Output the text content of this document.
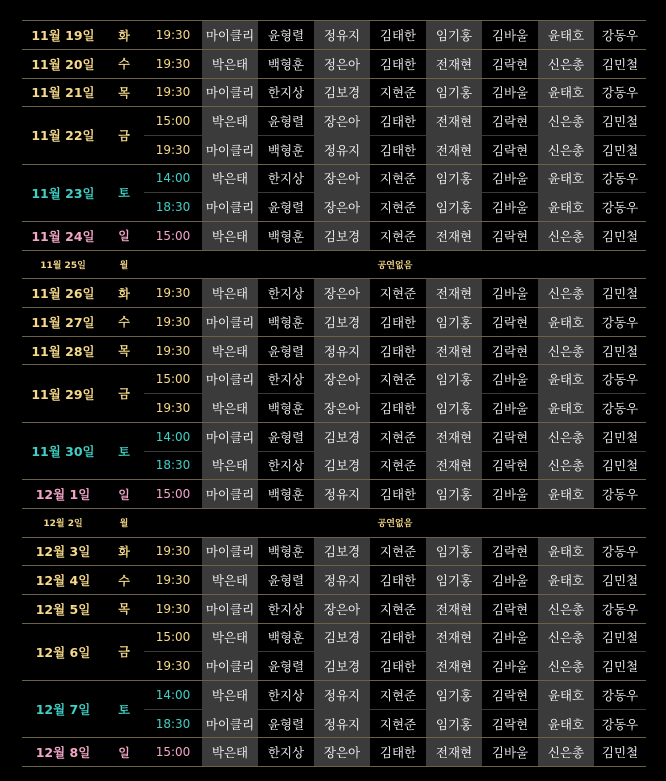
11월 19일	화	19:30	마이클리	윤형렬	정유지	김태한	임기홍	김바울	윤태호	강동우
11월 20일	수	19:30	박은태	백형훈	정은아	김태한	전재현	김락현	신은총	김민철
11월 21일	목	19:30	마이클리	한지상	김보경	지현준	임기홍	김바울	윤태호	강동우
11월 22일	금	15:00	박은태	윤형렬	장은아	김태한	전재현	김락현	신은총	김민철
		19:30	마이클리	백형훈	정유지	김태한	전재현	김락현	신은총	김민철
11월 23일	토	14:00	박은태	한지상	장은아	지현준	임기홍	김바울	윤태호	강동우
		18:30	마이클리	윤형렬	장은아	지현준	임기홍	김바울	윤태호	강동우
11월 24일	일	15:00	박은태	백형훈	김보경	지현준	전재현	김락현	신은총	김민철
11월 25일	월	공연없음								
11월 26일	화	19:30	박은태	한지상	장은아	지현준	전재현	김바울	신은총	김민철
11월 27일	수	19:30	마이클리	백형훈	김보경	김태한	임기홍	김락현	윤태호	강동우
11월 28일	목	19:30	박은태	윤형렬	정유지	김태한	전재현	김락현	신은총	김민철
11월 29일	금	15:00	마이클리	한지상	장은아	지현준	임기홍	김바울	윤태호	강동우
		19:30	박은태	백형훈	장은아	김태한	임기홍	김바울	윤태호	강동우
11월 30일	토	14:00	마이클리	윤형렬	김보경	지현준	전재현	김락현	신은총	김민철
		18:30	박은태	한지상	김보경	지현준	전재현	김락현	신은총	김민철
12월 1일	일	15:00	마이클리	백형훈	정유지	김태한	임기홍	김바울	윤태호	강동우
12월 2일	월	공연없음								
12월 3일	화	19:30	마이클리	백형훈	김보경	지현준	임기홍	김락현	윤태호	강동우
12월 4일	수	19:30	박은태	윤형렬	정유지	김태한	임기홍	김바울	윤태호	김민철
12월 5일	목	19:30	마이클리	한지상	장은아	지현준	전재현	김락현	신은총	강동우
12월 6일	금	15:00	박은태	백형훈	김보경	김태한	전재현	김바울	신은총	김민철
		19:30	마이클리	윤형렬	김보경	김태한	전재현	김바울	신은총	김민철
12월 7일	토	14:00	박은태	한지상	정유지	지현준	임기홍	김락현	윤태호	강동우
		18:30	마이클리	윤형렬	정유지	지현준	임기홍	김락현	윤태호	강동우
12월 8일	일	15:00	박은태	한지상	장은아	김태한	전재현	김바울	신은총	김민철
